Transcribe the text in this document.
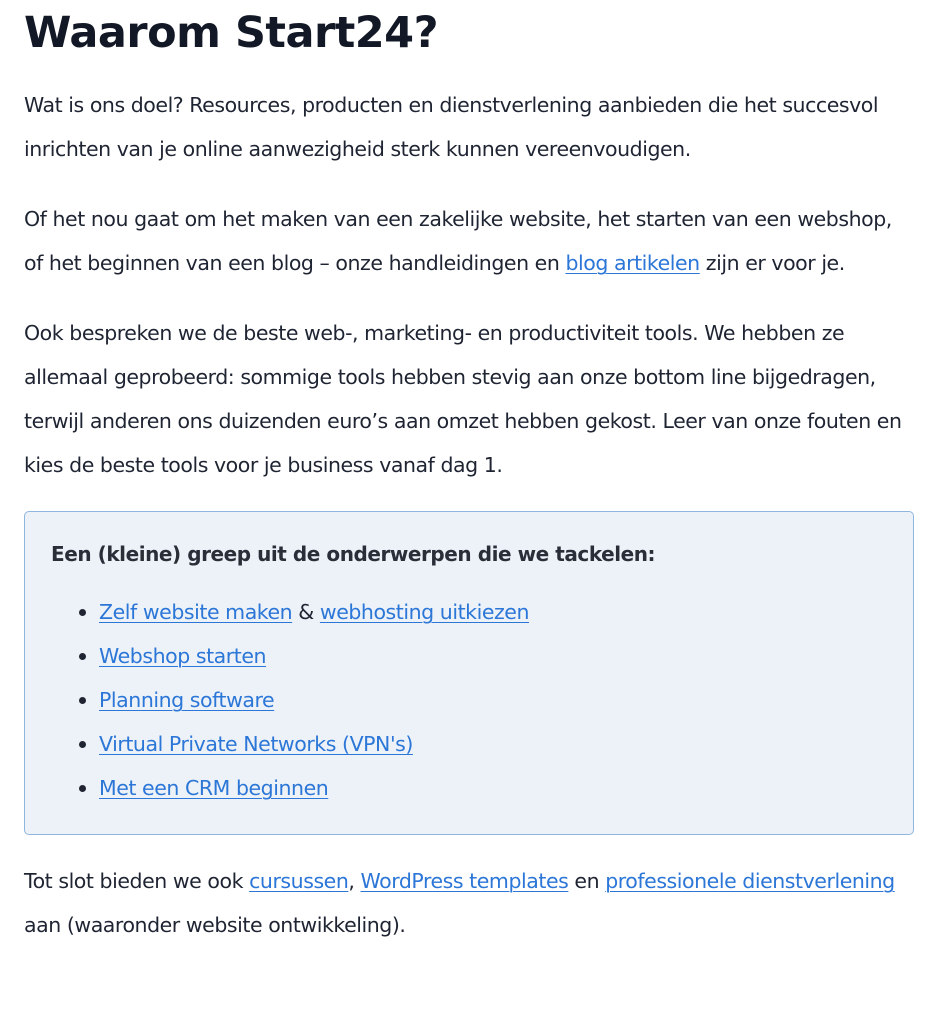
Waarom Start24?

Wat is ons doel? Resources, producten en dienstverlening aanbieden die het succesvol inrichten van je online aanwezigheid sterk kunnen vereenvoudigen.

Of het nou gaat om het maken van een zakelijke website, het starten van een webshop, of het beginnen van een blog – onze handleidingen en blog artikelen zijn er voor je.

Ook bespreken we de beste web-, marketing- en productiviteit tools. We hebben ze allemaal geprobeerd: sommige tools hebben stevig aan onze bottom line bijgedragen, terwijl anderen ons duizenden euro’s aan omzet hebben gekost. Leer van onze fouten en kies de beste tools voor je business vanaf dag 1.

Een (kleine) greep uit de onderwerpen die we tackelen:
Zelf website maken & webhosting uitkiezen
Webshop starten
Planning software
Virtual Private Networks (VPN's)
Met een CRM beginnen

Tot slot bieden we ook cursussen, WordPress templates en professionele dienstverlening aan (waaronder website ontwikkeling).
